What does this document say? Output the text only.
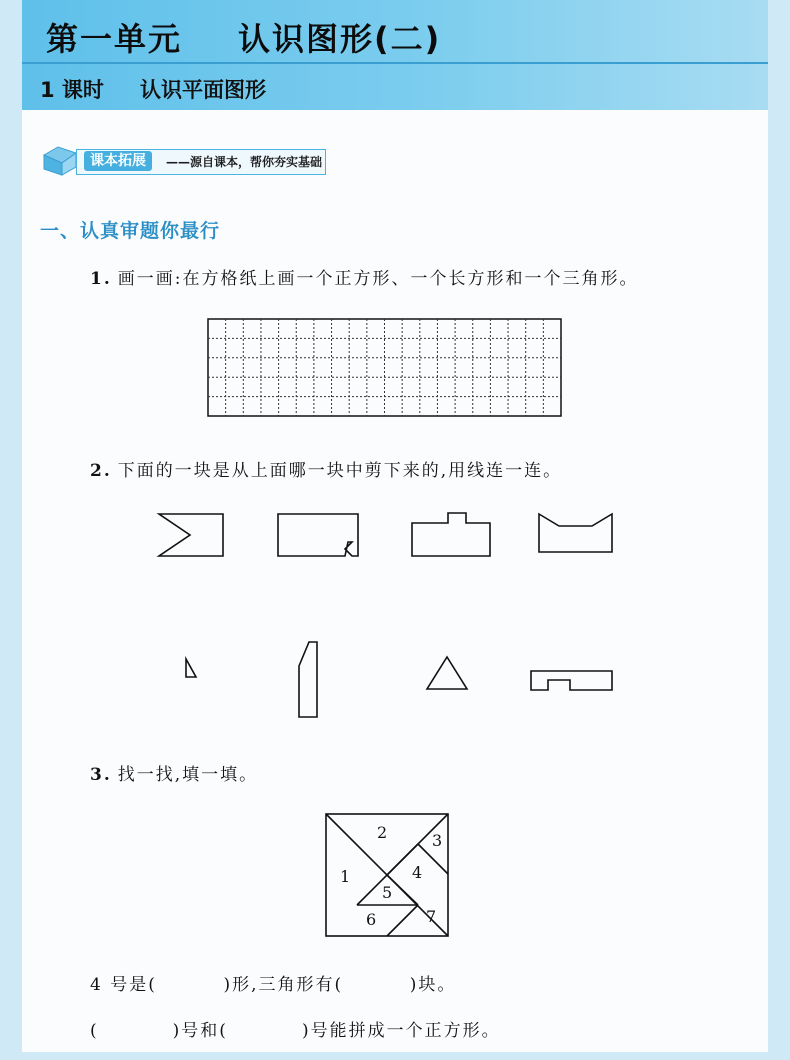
第一单元 认识图形(二)
1 课时 认识平面图形
课本拓展	——源自课本，帮你夯实基础
一、认真审题你最行
1. 画一画:在方格纸上画一个正方形、一个长方形和一个三角形。
2	3
1	4
5
6	7
2. 下面的一块是从上面哪一块中剪下来的,用线连一连。
3. 找一找,填一填。
4 号是(         )形,三角形有(         )块。
(          )号和(          )号能拼成一个正方形。
